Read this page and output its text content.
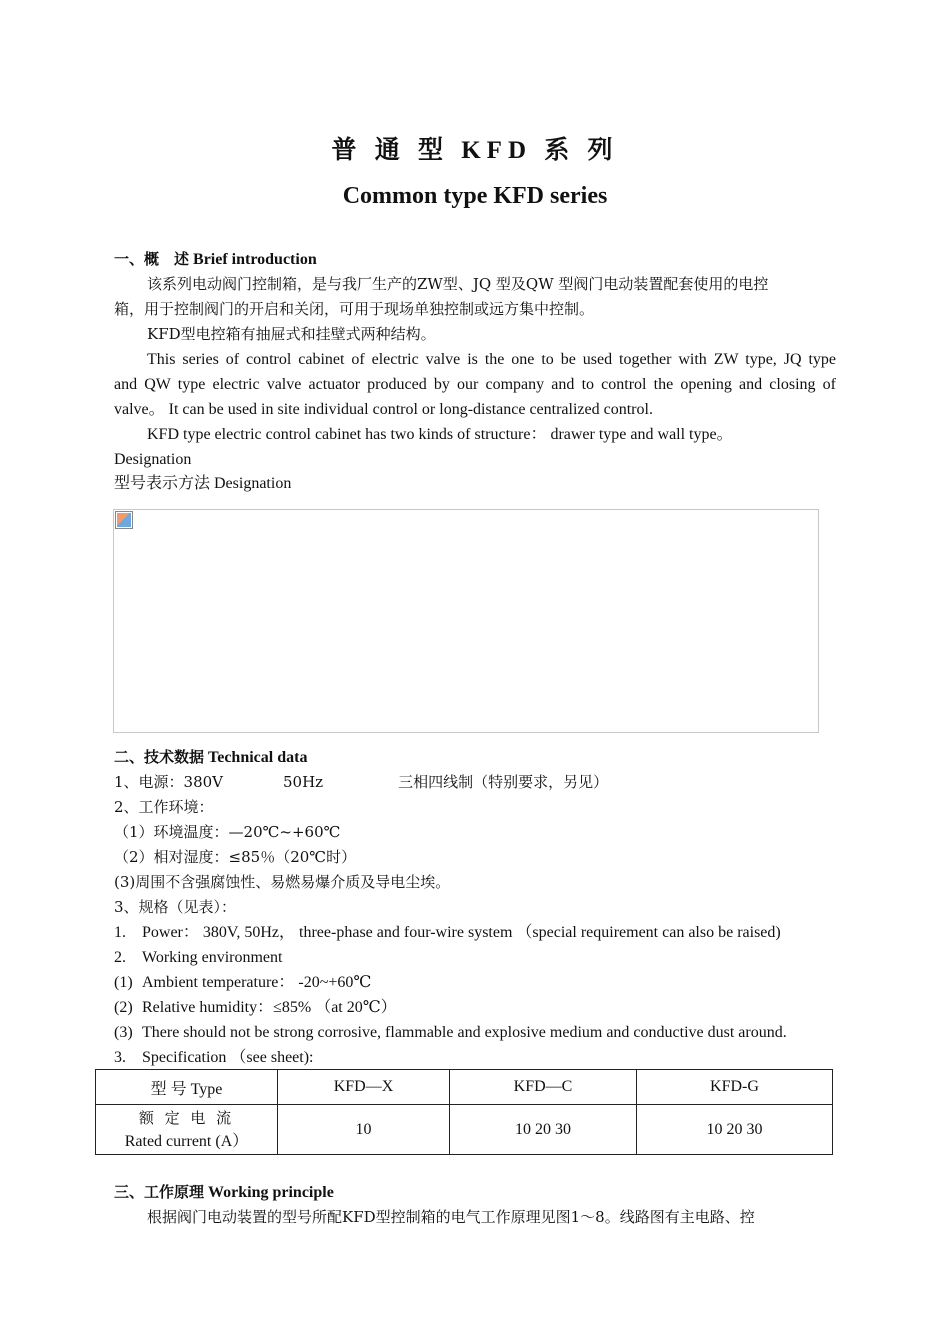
普 通 型 KFD 系 列
Common type KFD series
一、概　述 Brief introduction
该系列电动阀门控制箱，是与我厂生产的ZW型、JQ 型及QW 型阀门电动装置配套使用的电控
箱，用于控制阀门的开启和关闭，可用于现场单独控制或远方集中控制。
KFD型电控箱有抽屉式和挂壁式两种结构。
This series of control cabinet of electric valve is the one to be used together with ZW type, JQ type
and QW type electric valve actuator produced by our company and to control the opening and closing of
valve。 It can be used in site individual control or long-distance centralized control.
KFD type electric control cabinet has two kinds of structure： drawer type and wall type。
Designation
型号表示方法 Designation
二、技术数据 Technical data
1、电源：380V　　　　50Hz　　　　　三相四线制（特别要求，另见）
2、工作环境：
（1）环境温度：—20℃~+60℃
（2）相对湿度：≤85％（20℃时）
(3)周围不含强腐蚀性、易燃易爆介质及导电尘埃。
3、规格（见表）：
1. Power： 380V, 50Hz， three-phase and four-wire system （special requirement can also be raised)
2. Working environment
(1) Ambient temperature： -20~+60℃
(2) Relative humidity：≤85% （at 20℃）
(3) There should not be strong corrosive, flammable and explosive medium and conductive dust around.
3. Specification （see sheet):
型 号 Type	KFD—X	KFD—C	KFD-G

额 定 电 流
Rated current (A）	10	10 20 30	10 20 30
三、工作原理 Working principle
根据阀门电动装置的型号所配KFD型控制箱的电气工作原理见图1～8。线路图有主电路、控
